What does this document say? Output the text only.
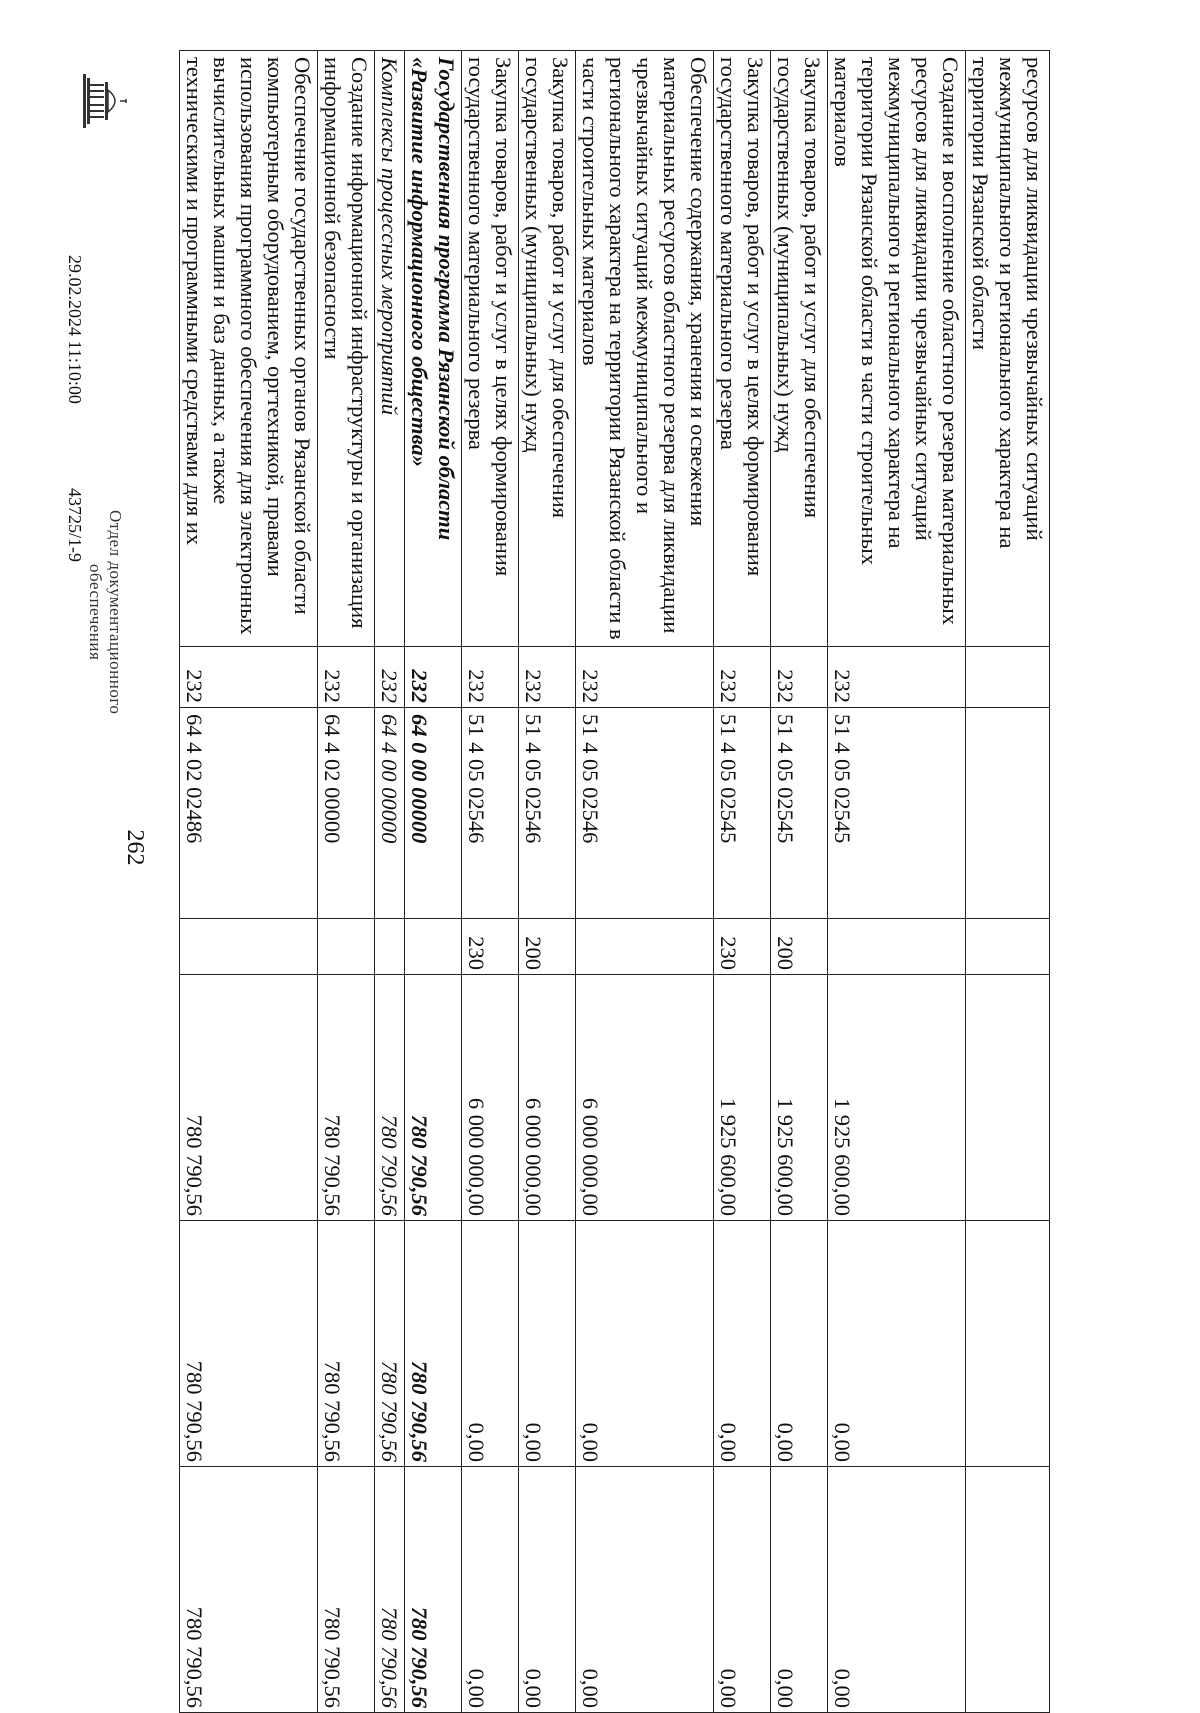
262
ресурсов для ликвидации чрезвычайных ситуаций межмуниципального и регионального характера на территории Рязанской области						
Создание и восполнение областного резерва материальных ресурсов для ликвидации чрезвычайных ситуаций межмуниципального и регионального характера на территории Рязанской области в части строительных материалов	232	51 4 05 02545		1 925 600,00	0,00	0,00
Закупка товаров, работ и услуг для обеспечения государственных (муниципальных) нужд	232	51 4 05 02545	200	1 925 600,00	0,00	0,00
Закупка товаров, работ и услуг в целях формирования государственного материального резерва	232	51 4 05 02545	230	1 925 600,00	0,00	0,00
Обеспечение содержания, хранения и освежения материальных ресурсов областного резерва для ликвидации чрезвычайных ситуаций межмуниципального и регионального характера на территории Рязанской области в части строительных материалов	232	51 4 05 02546		6 000 000,00	0,00	0,00
Закупка товаров, работ и услуг для обеспечения государственных (муниципальных) нужд	232	51 4 05 02546	200	6 000 000,00	0,00	0,00
Закупка товаров, работ и услуг в целях формирования государственного материального резерва	232	51 4 05 02546	230	6 000 000,00	0,00	0,00
Государственная программа Рязанской области «Развитие информационного общества»	232	64 0 00 00000		780 790,56	780 790,56	780 790,56
Комплексы процессных мероприятий	232	64 4 00 00000		780 790,56	780 790,56	780 790,56
Создание информационной инфраструктуры и организация информационной безопасности	232	64 4 02 00000		780 790,56	780 790,56	780 790,56
Обеспечение государственных органов Рязанской области компьютерным оборудованием, оргтехникой, правами использования программного обеспечения для электронных вычислительных машин и баз данных, а также техническими и программными средствами для их	232	64 4 02 02486		780 790,56	780 790,56	780 790,56
Отдел документационного
обеспечения
29.02.2024 11:10:00
43725/1-9
